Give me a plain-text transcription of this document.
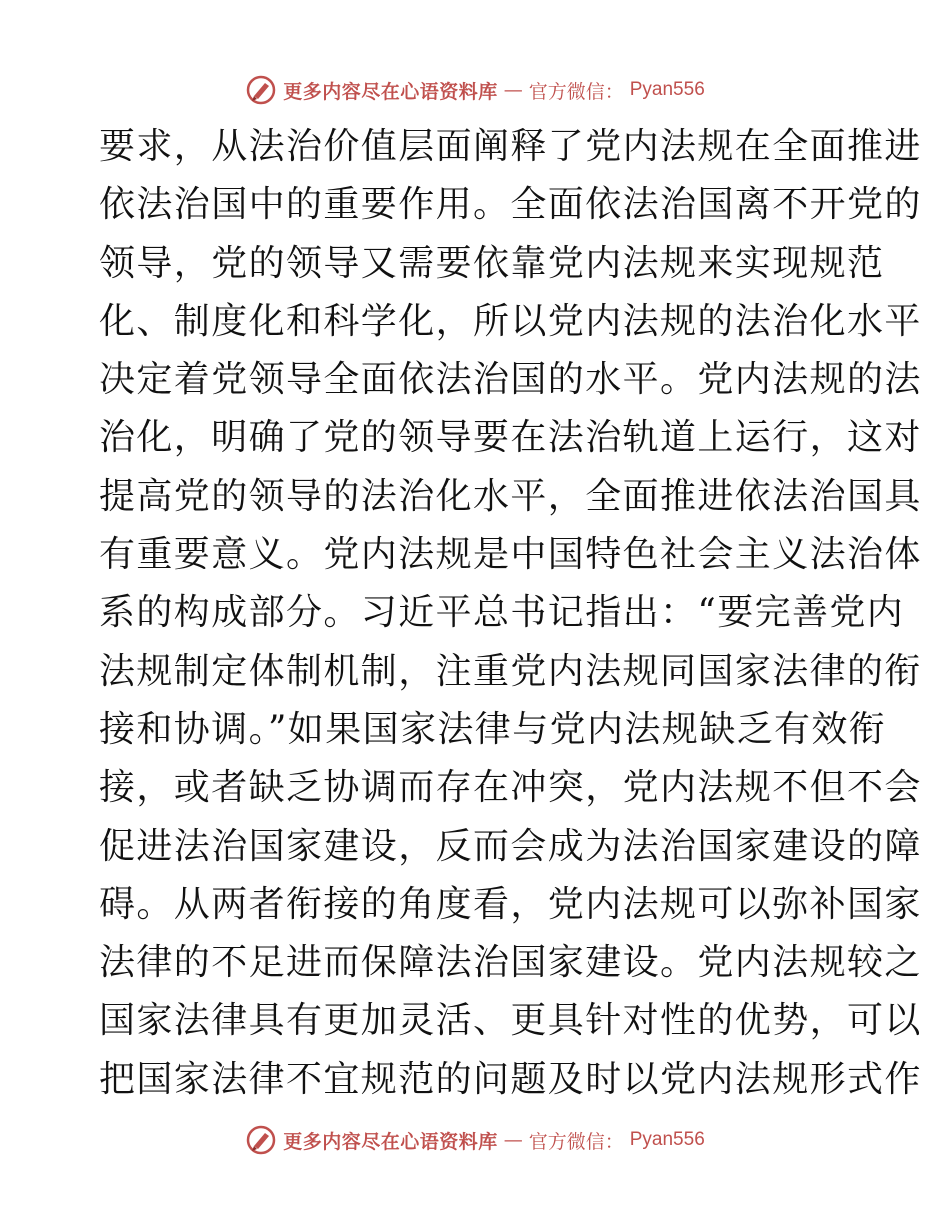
更多内容尽在心语资料库 — 官方微信： Pyan556
要求，从法治价值层面阐释了党内法规在全面推进
依法治国中的重要作用。全面依法治国离不开党的
领导，党的领导又需要依靠党内法规来实现规范
化、制度化和科学化，所以党内法规的法治化水平
决定着党领导全面依法治国的水平。党内法规的法
治化，明确了党的领导要在法治轨道上运行，这对
提高党的领导的法治化水平，全面推进依法治国具
有重要意义。党内法规是中国特色社会主义法治体
系的构成部分。习近平总书记指出：“要完善党内
法规制定体制机制，注重党内法规同国家法律的衔
接和协调。”如果国家法律与党内法规缺乏有效衔
接，或者缺乏协调而存在冲突，党内法规不但不会
促进法治国家建设，反而会成为法治国家建设的障
碍。从两者衔接的角度看，党内法规可以弥补国家
法律的不足进而保障法治国家建设。党内法规较之
国家法律具有更加灵活、更具针对性的优势，可以
把国家法律不宜规范的问题及时以党内法规形式作
更多内容尽在心语资料库 — 官方微信： Pyan556
